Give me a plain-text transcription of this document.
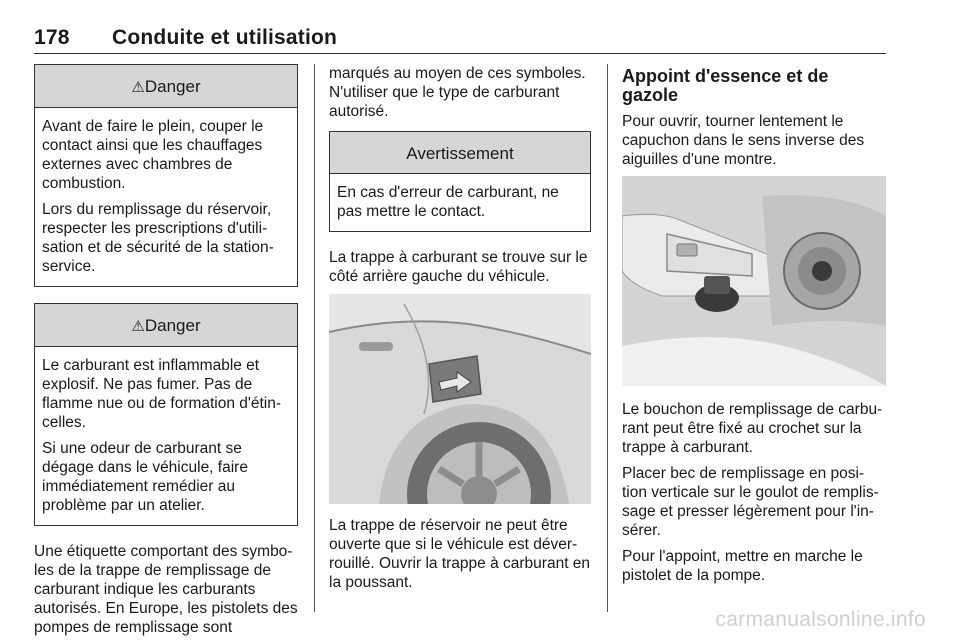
178 Conduite et utilisation
⚠Danger

Avant de faire le plein, couper le contact ainsi que les chauffages externes avec chambres de combustion.

Lors du remplissage du réservoir, respecter les prescriptions d'utili-sation et de sécurité de la station-service.

⚠Danger

Le carburant est inflammable et explosif. Ne pas fumer. Pas de flamme nue ou de formation d'étin-celles.

Si une odeur de carburant se dégage dans le véhicule, faire immédiatement remédier au problème par un atelier.

Une étiquette comportant des symbo-les de la trappe de remplissage de carburant indique les carburants autorisés. En Europe, les pistolets des pompes de remplissage sont

marqués au moyen de ces symboles. N'utiliser que le type de carburant autorisé.

Avertissement

En cas d'erreur de carburant, ne pas mettre le contact.

La trappe à carburant se trouve sur le côté arrière gauche du véhicule.

La trappe de réservoir ne peut être ouverte que si le véhicule est déver-rouillé. Ouvrir la trappe à carburant en la poussant.

Appoint d'essence et de gazole

Pour ouvrir, tourner lentement le capuchon dans le sens inverse des aiguilles d'une montre.

Le bouchon de remplissage de carbu-rant peut être fixé au crochet sur la trappe à carburant.

Placer bec de remplissage en posi-tion verticale sur le goulot de remplis-sage et presser légèrement pour l'in-sérer.

Pour l'appoint, mettre en marche le pistolet de la pompe.

carmanualsonline.info
